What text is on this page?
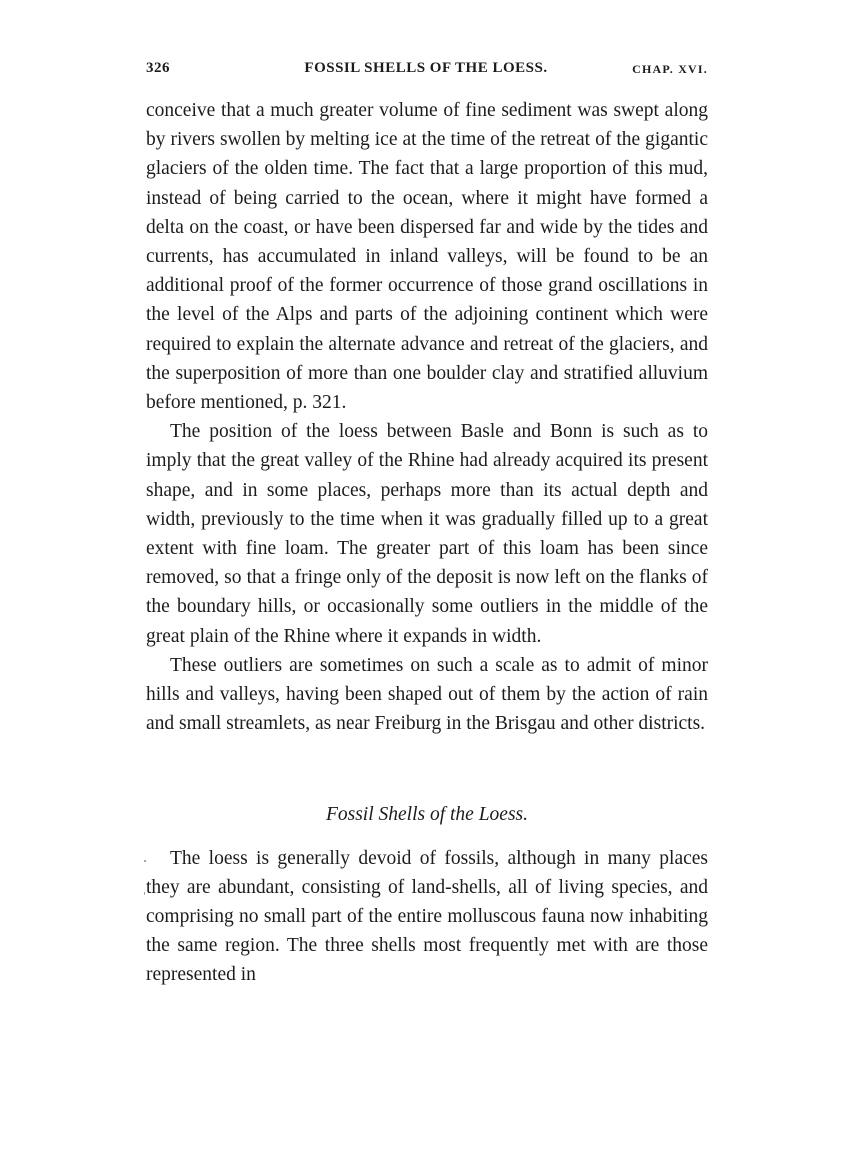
326	FOSSIL SHELLS OF THE LOESS.	CHAP. XVI.

conceive that a much greater volume of fine sediment was swept along by rivers swollen by melting ice at the time of the retreat of the gigantic glaciers of the olden time. The fact that a large proportion of this mud, instead of being carried to the ocean, where it might have formed a delta on the coast, or have been dispersed far and wide by the tides and currents, has accumulated in inland valleys, will be found to be an additional proof of the former occurrence of those grand oscillations in the level of the Alps and parts of the adjoining continent which were required to explain the alternate advance and retreat of the glaciers, and the superposition of more than one boulder clay and stratified alluvium before mentioned, p. 321.

The position of the loess between Basle and Bonn is such as to imply that the great valley of the Rhine had already acquired its present shape, and in some places, perhaps more than its actual depth and width, previously to the time when it was gradually filled up to a great extent with fine loam. The greater part of this loam has been since removed, so that a fringe only of the deposit is now left on the flanks of the boundary hills, or occasionally some outliers in the middle of the great plain of the Rhine where it expands in width.

These outliers are sometimes on such a scale as to admit of minor hills and valleys, having been shaped out of them by the action of rain and small streamlets, as near Freiburg in the Brisgau and other districts.

Fossil Shells of the Loess.

The loess is generally devoid of fossils, although in many places they are abundant, consisting of land-shells, all of living species, and comprising no small part of the entire molluscous fauna now inhabiting the same region. The three shells most frequently met with are those represented in
